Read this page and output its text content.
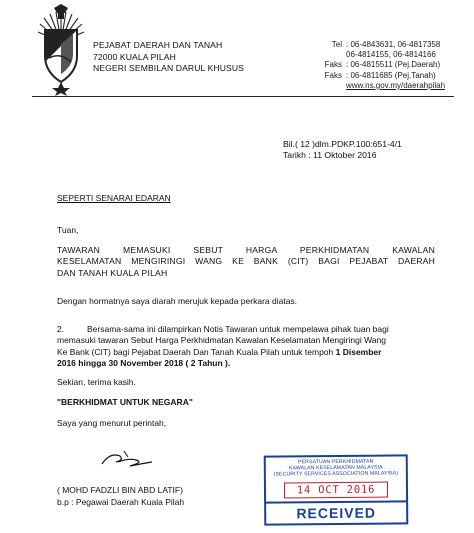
PEJABAT DAERAH DAN TANAH
72000 KUALA PILAH
NEGERI SEMBILAN DARUL KHUSUS
Tel : 06-4843631, 06-4817358
06-4814155, 06-4814166
Faks : 06-4815511 (Pej.Daerah)
Faks : 06-4811685 (Pej.Tanah)
www.ns.gov.my/daerahpilah
Bil.( 12 )dlm.PDKP.100:651-4/1
Tarikh : 11 Oktober 2016
SEPERTI SENARAI EDARAN
Tuan,
TAWARAN MEMASUKI SEBUT HARGA PERKHIDMATAN KAWALAN
KESELAMATAN MENGIRINGI WANG KE BANK (CIT) BAGI PEJABAT DAERAH
DAN TANAH KUALA PILAH
Dengan hormatnya saya diarah merujuk kepada perkara diatas.
2.	Bersama-sama ini dilampirkan Notis Tawaran untuk mempelawa pihak tuan bagi
memasuki tawaran Sebut Harga Perkhidmatan Kawalan Keselamatan Mengiringi Wang
Ke Bank (CIT) bagi Pejabat Daerah Dan Tanah Kuala Pilah untuk tempoh 1 Disember
2016 hingga 30 November 2018 ( 2 Tahun ).
Sekian, terima kasih.
"BERKHIDMAT UNTUK NEGARA"
Saya yang menurut perintah,
( MOHD FADZLI BIN ABD LATIF)
b.p : Pegawai Daerah Kuala Pilah
PERSATUAN PERKHIDMATAN
KAWALAN KESELAMATAN MALAYSIA
(SECURITY SERVICES ASSOCIATION MALAYSIA)
14 OCT 2016
RECEIVED
